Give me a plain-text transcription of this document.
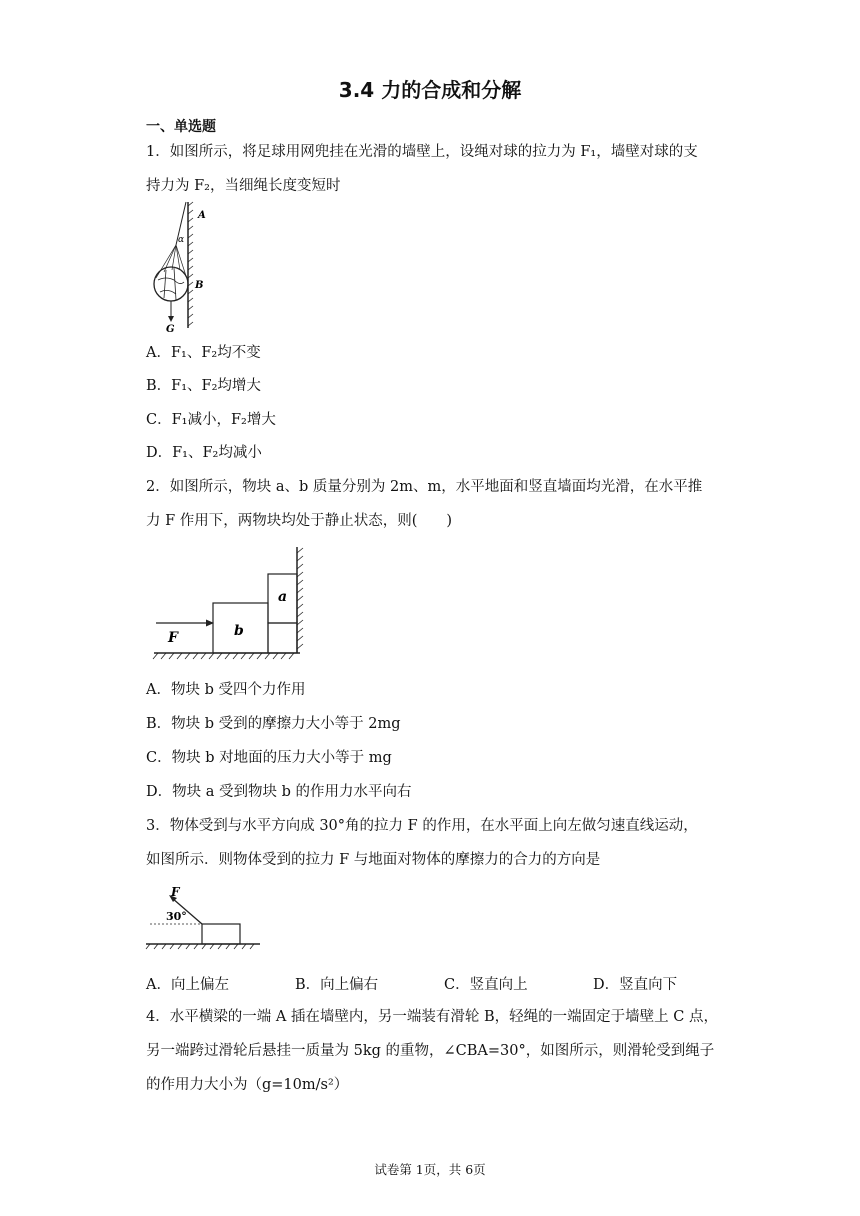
3.4 力的合成和分解
一、单选题
1．如图所示，将足球用网兜挂在光滑的墙壁上，设绳对球的拉力为 F₁，墙壁对球的支
持力为 F₂，当细绳长度变短时
A
α
B
G
A．F₁、F₂均不变
B．F₁、F₂均增大
C．F₁减小，F₂增大
D．F₁、F₂均减小
2．如图所示，物块 a、b 质量分别为 2m、m，水平地面和竖直墙面均光滑，在水平推
力 F 作用下，两物块均处于静止状态，则(　　)
F	b
a
A．物块 b 受四个力作用
B．物块 b 受到的摩擦力大小等于 2mg
C．物块 b 对地面的压力大小等于 mg
D．物块 a 受到物块 b 的作用力水平向右
3．物体受到与水平方向成 30°角的拉力 F 的作用，在水平面上向左做匀速直线运动，
如图所示．则物体受到的拉力 F 与地面对物体的摩擦力的合力的方向是
F
30°
A．向上偏左	B．向上偏右	C．竖直向上	D．竖直向下
4．水平横梁的一端 A 插在墙壁内，另一端装有滑轮 B，轻绳的一端固定于墙壁上 C 点，
另一端跨过滑轮后悬挂一质量为 5kg 的重物，∠CBA=30°，如图所示，则滑轮受到绳子
的作用力大小为（g=10m/s²）
试卷第 1页，共 6页
